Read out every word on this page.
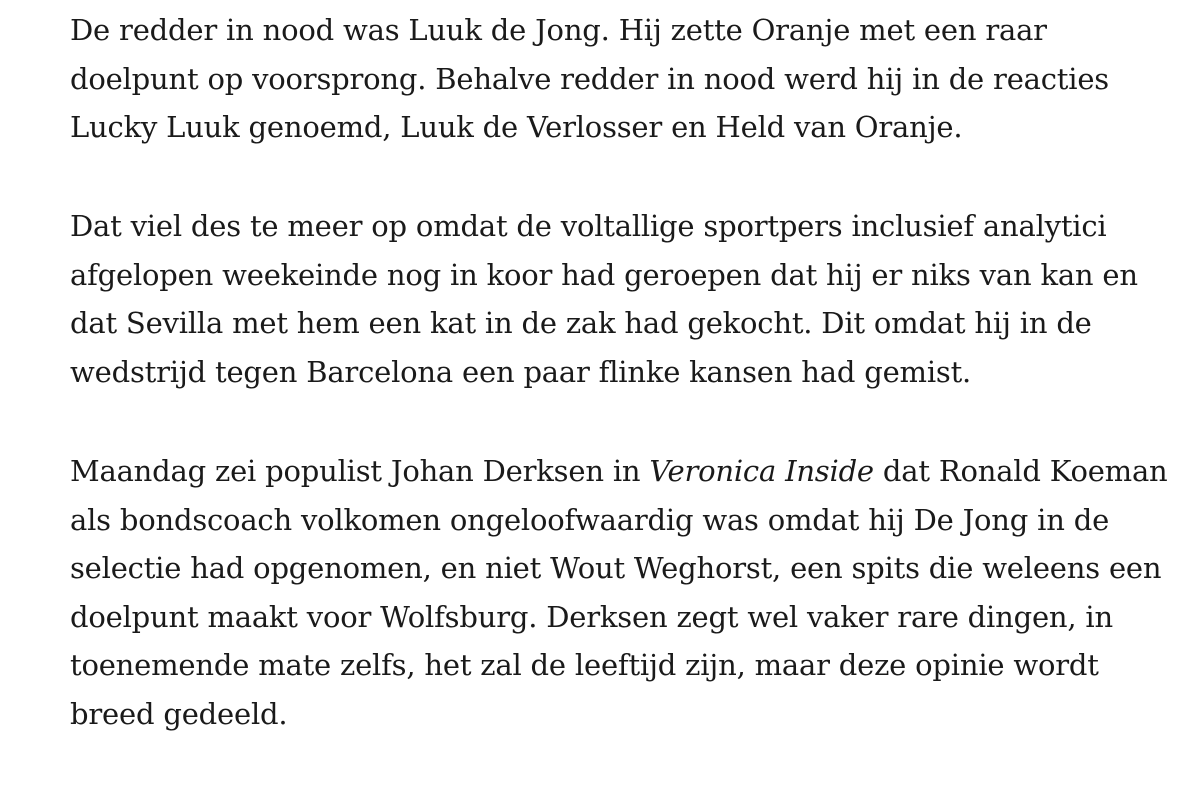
De redder in nood was Luuk de Jong. Hij zette Oranje met een raar
doelpunt op voorsprong. Behalve redder in nood werd hij in de reacties
Lucky Luuk genoemd, Luuk de Verlosser en Held van Oranje.

Dat viel des te meer op omdat de voltallige sportpers inclusief analytici
afgelopen weekeinde nog in koor had geroepen dat hij er niks van kan en
dat Sevilla met hem een kat in de zak had gekocht. Dit omdat hij in de
wedstrijd tegen Barcelona een paar flinke kansen had gemist.

Maandag zei populist Johan Derksen in Veronica Inside dat Ronald Koeman
als bondscoach volkomen ongeloofwaardig was omdat hij De Jong in de
selectie had opgenomen, en niet Wout Weghorst, een spits die weleens een
doelpunt maakt voor Wolfsburg. Derksen zegt wel vaker rare dingen, in
toenemende mate zelfs, het zal de leeftijd zijn, maar deze opinie wordt
breed gedeeld.
